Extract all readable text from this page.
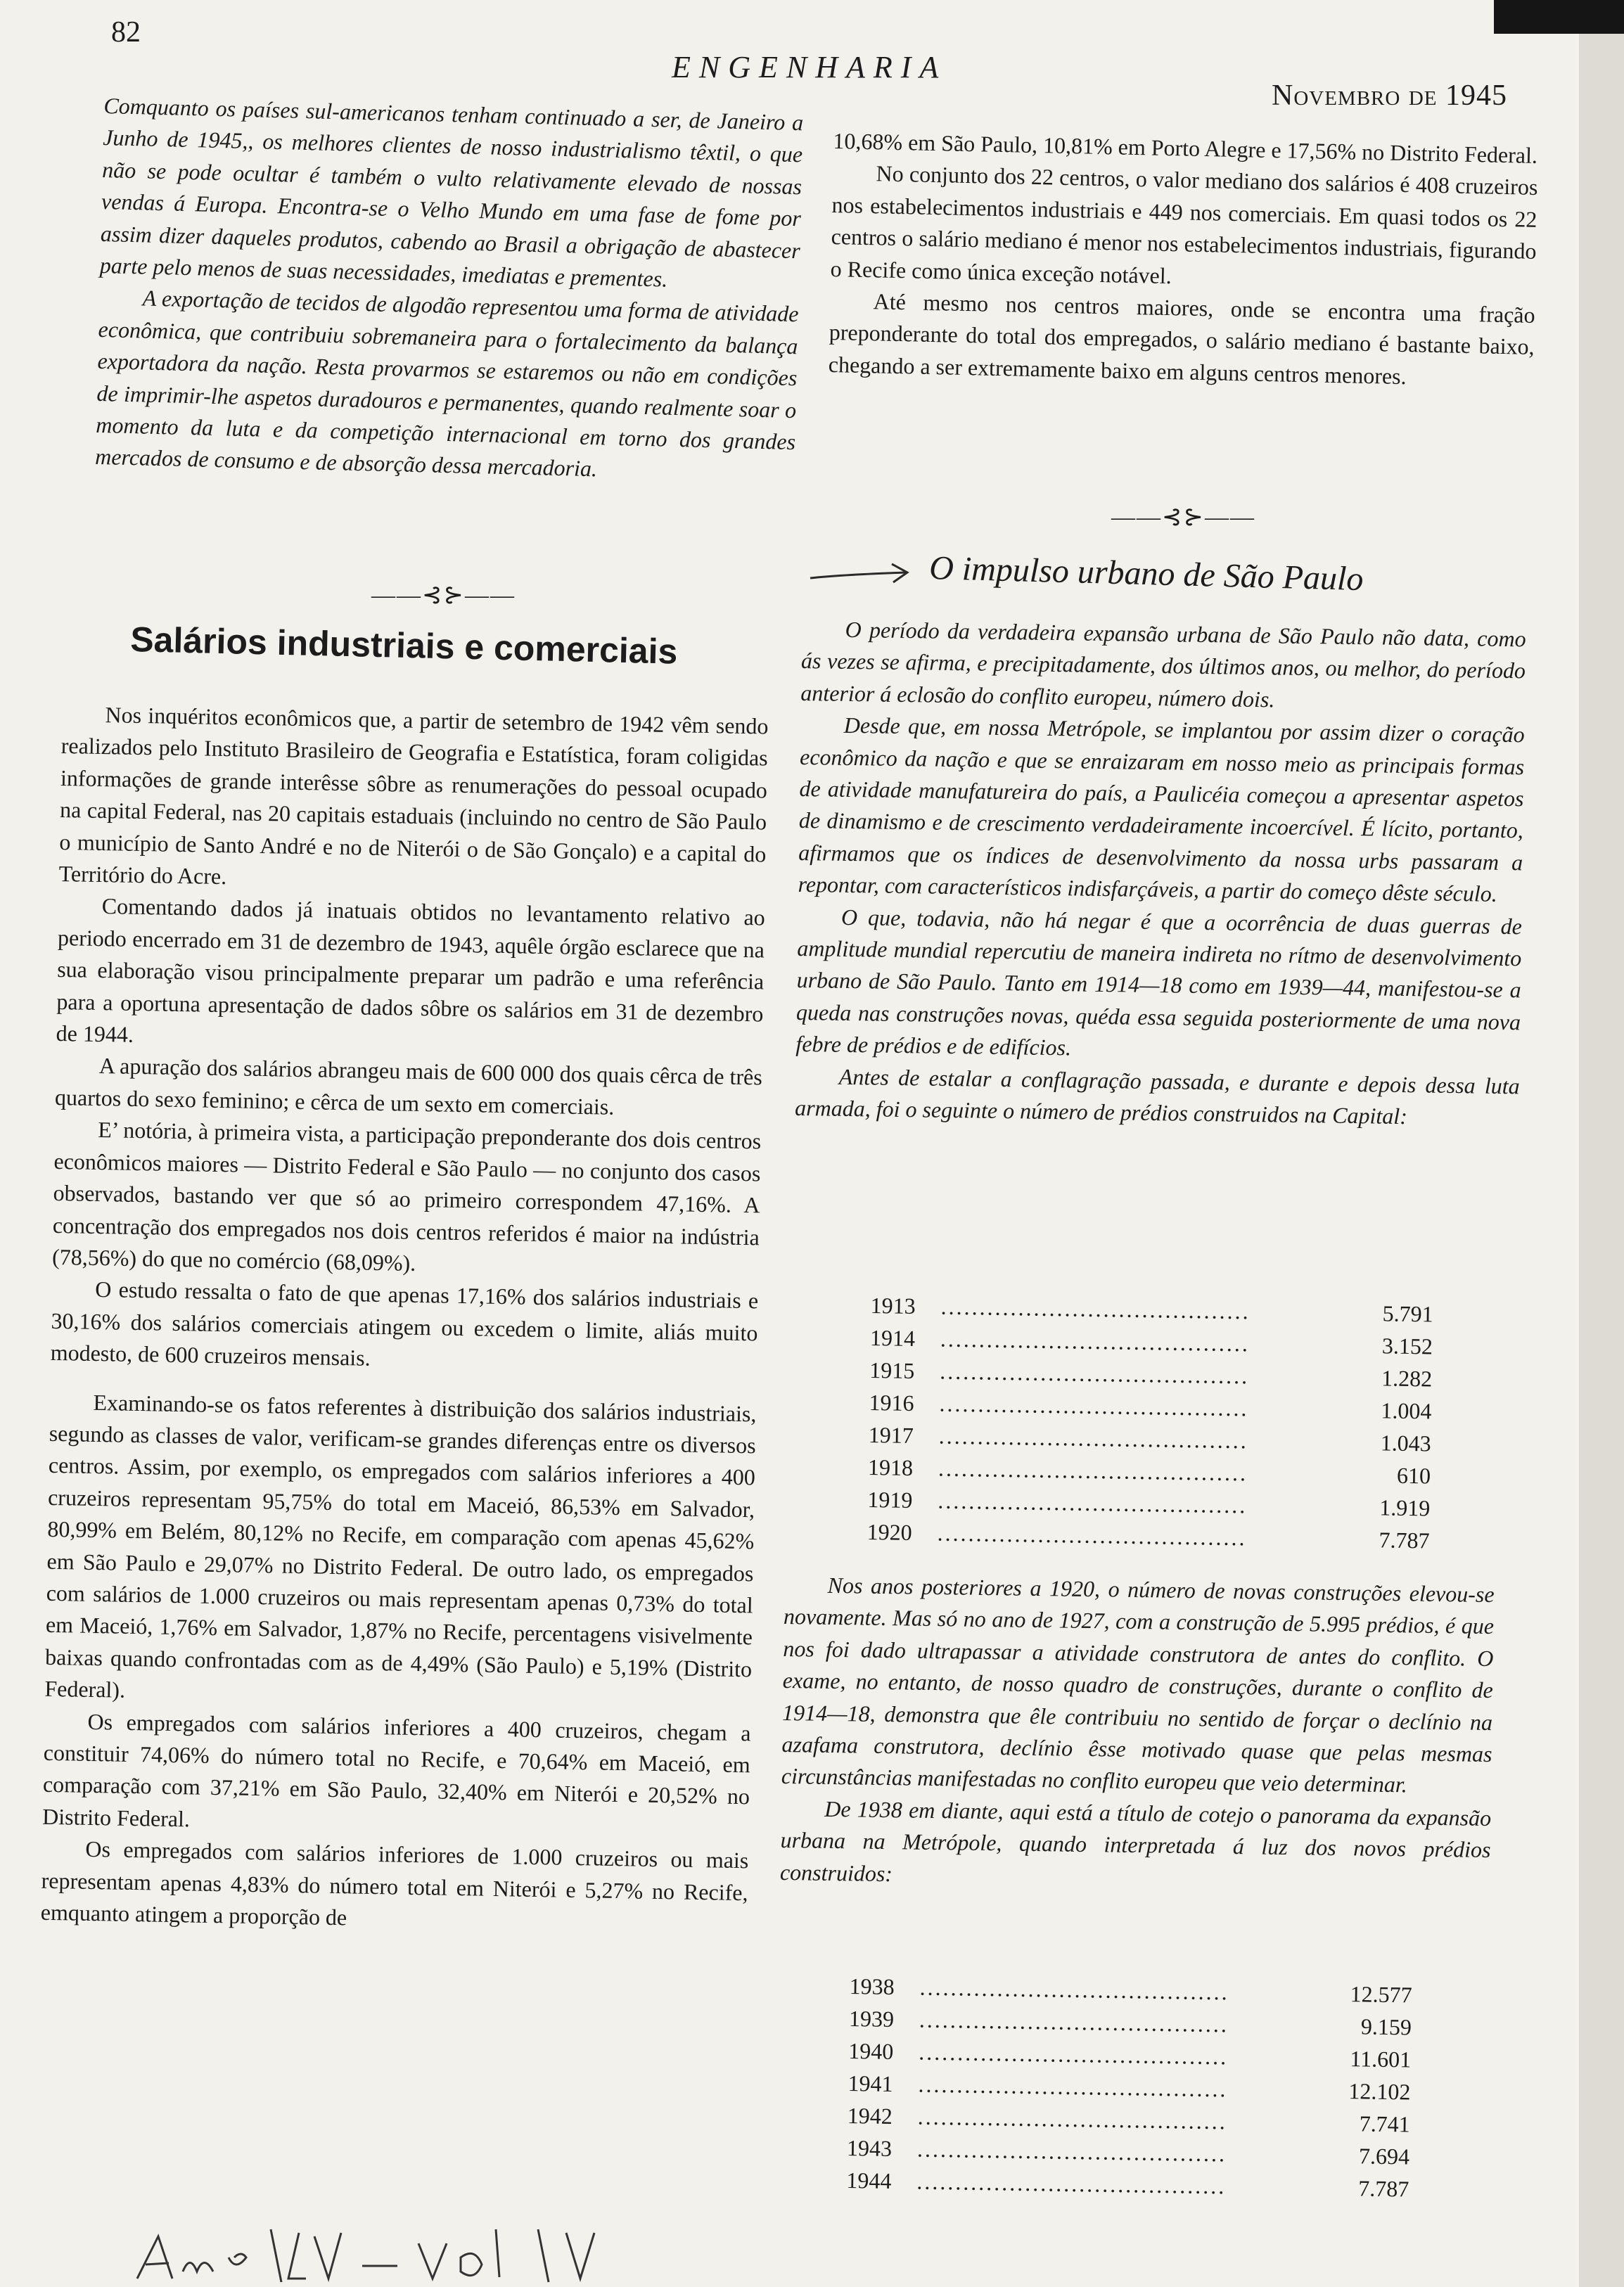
82
ENGENHARIA
Novembro de 1945

Comquanto os países sul-americanos tenham continuado a ser, de Janeiro a Junho de 1945,, os melhores clientes de nosso industrialismo têxtil, o que não se pode ocultar é também o vulto relativamente elevado de nossas vendas á Europa. Encontra-se o Velho Mundo em uma fase de fome por assim dizer daqueles produtos, cabendo ao Brasil a obrigação de abastecer parte pelo menos de suas necessidades, imediatas e prementes.

A exportação de tecidos de algodão representou uma forma de atividade econômica, que contribuiu sobremaneira para o fortalecimento da balança exportadora da nação. Resta provarmos se estaremos ou não em condições de imprimir-lhe aspetos duradouros e permanentes, quando realmente soar o momento da luta e da competição internacional em torno dos grandes mercados de consumo e de absorção dessa mercadoria.

——⊰⊱——
Salários industriais e comerciais

Nos inquéritos econômicos que, a partir de setembro de 1942 vêm sendo realizados pelo Instituto Brasileiro de Geografia e Estatística, foram coligidas informações de grande interêsse sôbre as renumerações do pessoal ocupado na capital Federal, nas 20 capitais estaduais (incluindo no centro de São Paulo o município de Santo André e no de Niterói o de São Gonçalo) e a capital do Território do Acre.

Comentando dados já inatuais obtidos no levantamento relativo ao periodo encerrado em 31 de dezembro de 1943, aquêle órgão esclarece que na sua elaboração visou principalmente preparar um padrão e uma referência para a oportuna apresentação de dados sôbre os salários em 31 de dezembro de 1944.

A apuração dos salários abrangeu mais de 600 000 dos quais cêrca de três quartos do sexo feminino; e cêrca de um sexto em comerciais.

E’ notória, à primeira vista, a participação preponderante dos dois centros econômicos maiores — Distrito Federal e São Paulo — no conjunto dos casos observados, bastando ver que só ao primeiro correspondem 47,16%. A concentração dos empregados nos dois centros referidos é maior na indústria (78,56%) do que no comércio (68,09%).

O estudo ressalta o fato de que apenas 17,16% dos salários industriais e 30,16% dos salários comerciais atingem ou excedem o limite, aliás muito modesto, de 600 cruzeiros mensais.

Examinando-se os fatos referentes à distribuição dos salários industriais, segundo as classes de valor, verificam-se grandes diferenças entre os diversos centros. Assim, por exemplo, os empregados com salários inferiores a 400 cruzeiros representam 95,75% do total em Maceió, 86,53% em Salvador, 80,99% em Belém, 80,12% no Recife, em comparação com apenas 45,62% em São Paulo e 29,07% no Distrito Federal. De outro lado, os empregados com salários de 1.000 cruzeiros ou mais representam apenas 0,73% do total em Maceió, 1,76% em Salvador, 1,87% no Recife, percentagens visivelmente baixas quando confrontadas com as de 4,49% (São Paulo) e 5,19% (Distrito Federal).

Os empregados com salários inferiores a 400 cruzeiros, chegam a constituir 74,06% do número total no Recife, e 70,64% em Maceió, em comparação com 37,21% em São Paulo, 32,40% em Niterói e 20,52% no Distrito Federal.

Os empregados com salários inferiores de 1.000 cruzeiros ou mais representam apenas 4,83% do número total em Niterói e 5,27% no Recife, emquanto atingem a proporção de

10,68% em São Paulo, 10,81% em Porto Alegre e 17,56% no Distrito Federal.

No conjunto dos 22 centros, o valor mediano dos salários é 408 cruzeiros nos estabelecimentos industriais e 449 nos comerciais. Em quasi todos os 22 centros o salário mediano é menor nos estabelecimentos industriais, figurando o Recife como única exceção notável.

Até mesmo nos centros maiores, onde se encontra uma fração preponderante do total dos empregados, o salário mediano é bastante baixo, chegando a ser extremamente baixo em alguns centros menores.

——⊰⊱——
O impulso urbano de São Paulo

O período da verdadeira expansão urbana de São Paulo não data, como ás vezes se afirma, e precipitadamente, dos últimos anos, ou melhor, do período anterior á eclosão do conflito europeu, número dois.

Desde que, em nossa Metrópole, se implantou por assim dizer o coração econômico da nação e que se enraizaram em nosso meio as principais formas de atividade manufatureira do país, a Paulicéia começou a apresentar aspetos de dinamismo e de crescimento verdadeiramente incoercível. É lícito, portanto, afirmamos que os índices de desenvolvimento da nossa urbs passaram a repontar, com característicos indisfarçáveis, a partir do começo dêste século.

O que, todavia, não há negar é que a ocorrência de duas guerras de amplitude mundial repercutiu de maneira indireta no rítmo de desenvolvimento urbano de São Paulo. Tanto em 1914—18 como em 1939—44, manifestou-se a queda nas construções novas, quéda essa seguida posteriormente de uma nova febre de prédios e de edifícios.

Antes de estalar a conflagração passada, e durante e depois dessa luta armada, foi o seguinte o número de prédios construidos na Capital:

1913 ........................................	5.791
1914 ........................................	3.152
1915 ........................................	1.282
1916 ........................................	1.004
1917 ........................................	1.043
1918 ........................................	610
1919 ........................................	1.919
1920 ........................................	7.787

Nos anos posteriores a 1920, o número de novas construções elevou-se novamente. Mas só no ano de 1927, com a construção de 5.995 prédios, é que nos foi dado ultrapassar a atividade construtora de antes do conflito. O exame, no entanto, de nosso quadro de construções, durante o conflito de 1914—18, demonstra que êle contribuiu no sentido de forçar o declínio na azafama construtora, declínio êsse motivado quase que pelas mesmas circunstâncias manifestadas no conflito europeu que veio determinar.

De 1938 em diante, aqui está a título de cotejo o panorama da expansão urbana na Metrópole, quando interpretada á luz dos novos prédios construidos:

1938 ........................................	12.577
1939 ........................................	9.159
1940 ........................................	11.601
1941 ........................................	12.102
1942 ........................................	7.741
1943 ........................................	7.694
1944 ........................................	7.787
